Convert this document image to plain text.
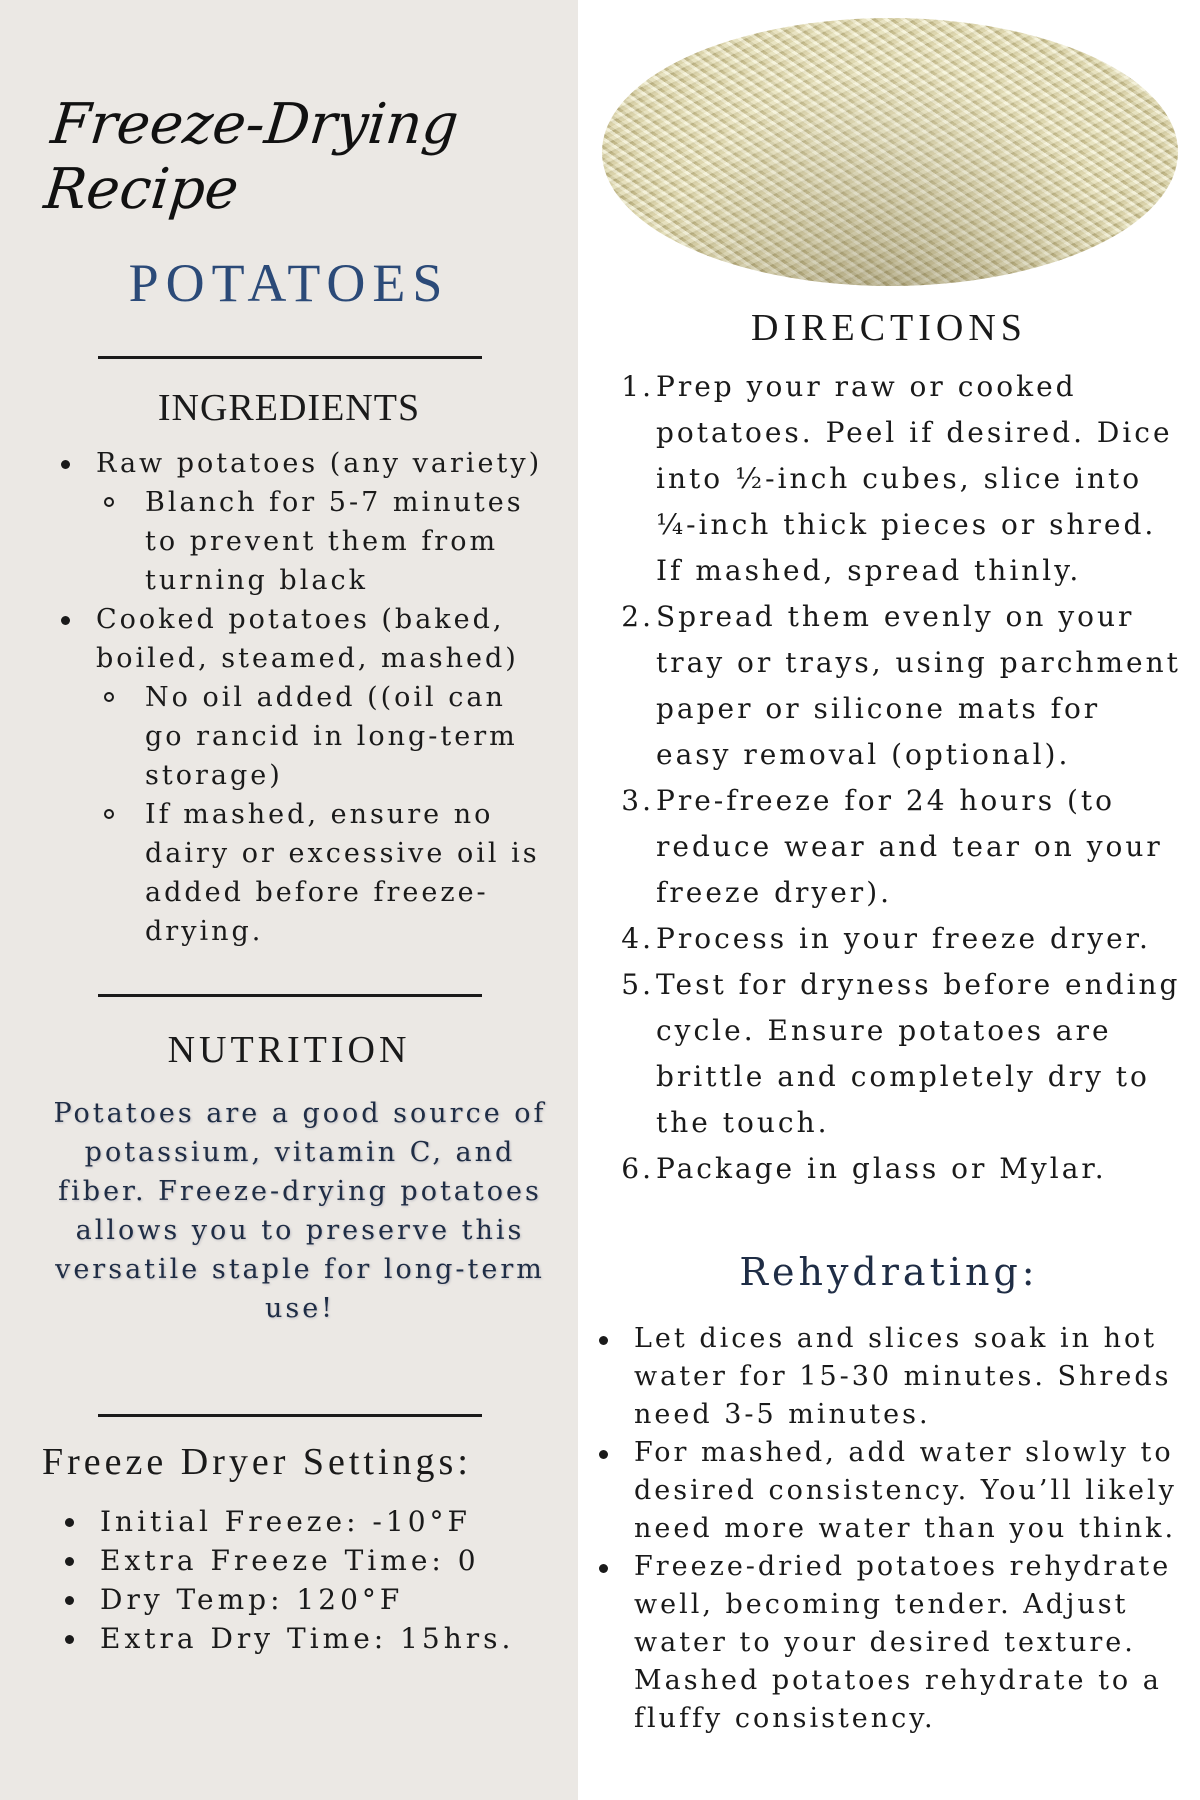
Freeze-Drying Recipe
POTATOES
INGREDIENTS
Raw potatoes (any variety)
Blanch for 5-7 minutes to prevent them from turning black
Cooked potatoes (baked, boiled, steamed, mashed)
No oil added ((oil can go rancid in long-term storage)
If mashed, ensure no dairy or excessive oil is added before freeze-drying.
NUTRITION
Potatoes are a good source of potassium, vitamin C, and fiber. Freeze-drying potatoes allows you to preserve this versatile staple for long-term use!
Freeze Dryer Settings:
Initial Freeze: -10°F
Extra Freeze Time: 0
Dry Temp: 120°F
Extra Dry Time: 15hrs.
DIRECTIONS
1. Prep your raw or cooked potatoes. Peel if desired. Dice into ½-inch cubes, slice into ¼-inch thick pieces or shred. If mashed, spread thinly.
2. Spread them evenly on your tray or trays, using parchment paper or silicone mats for easy removal (optional).
3. Pre-freeze for 24 hours (to reduce wear and tear on your freeze dryer).
4. Process in your freeze dryer.
5. Test for dryness before ending cycle. Ensure potatoes are brittle and completely dry to the touch.
6. Package in glass or Mylar.
Rehydrating:
Let dices and slices soak in hot water for 15-30 minutes. Shreds need 3-5 minutes.
For mashed, add water slowly to desired consistency. You’ll likely need more water than you think.
Freeze-dried potatoes rehydrate well, becoming tender. Adjust water to your desired texture. Mashed potatoes rehydrate to a fluffy consistency.
